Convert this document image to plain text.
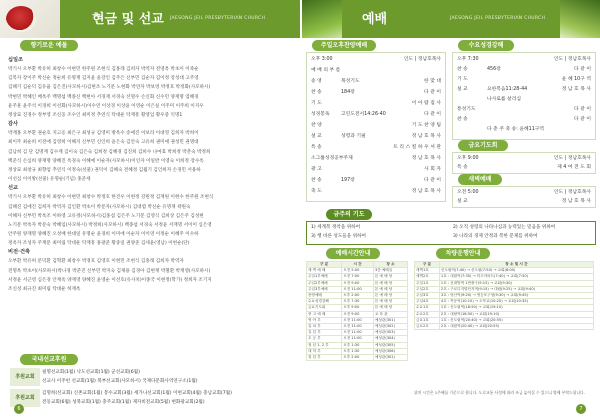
현금 및 선교 JAESONG JEIL PRESBYTERIAN CHURCH
향기로운 예물
십일조
박기시 오부환 박유허 최창수 이현민 한주원 조현식 김홍래 김희자 박역자 전영옥 박초이 이죽순
김복자 장이주 박신순 정순희 유명재 김지윤 윤강인 김주은 신부민 김순자 김이정 강성대 고주영
김혜기 김순덕 김유율 김은진(사모하시)김현조 노기문 노현화 박연자 박보영 박정호 박정화(사모하시)
박현민 박혜인 배옥주 백명섭 백종신 백현아 서경재 서경숙 선명수 손신화 신수민 양재명 염혜경
윤주훈 윤주석 이경희 이선화(사모하시)이수연 이상경 이상윤 이영순 이은실 이주미 이주희 이지우
정상묘 진경수 정부영 조신웅 조수인 최미정 추연식 탁대운 탁재흥 황영임 황우중 익명1
감사
박재홍 오부환 권순호 지고옹 최은구 최성규 김영미 방옥수 송애진 이보라 이대영 김희자 박희이
최이주 최순희 이전애 김영희 이혜지 신부민 신인희 윤은숙 김안숙 고유희 권미애 권성민 권명대
김남희 김 단 김명재 김수재 김이숙 김은숙 김희정 김혜경 김진희 김희수 나마효 박희정 박춘숙 박정희
백준식 손심희 양재명 양혜진 옥경숙 이혜예 이순자(사모하시)이인자 이일반 이영숙 이희정 장수옥
정상묘 최창규 최향업 추연식 이정숙(선물) 권덕이 김혜숙 전혜정 김월기 김인희자 손경민 서용하
이선심 이이방(선물) 유명순(기념) 홍준세
선교
박기시 오부환 박유허 최창수 이현민 최창수 박정호 한진우 이현정 강원정 김재원 이현수 한주원 조현식
김혜진 김애진 김희자 박역자 김인환 박초이 박문자(사모하시) 김대엽 박신순 유명재 곽원숙
이혜자 신부민 박옥조 이하영 고유정(사모하시)김홍섭 김은주 노기문 김영식 김희상 김은주 김성현
노기문 박옥자 박문숙 박혜임(사모하시) 박정희(사모하시) 백종섭 서경숙 서정윤 서재명 서이이 심은영
안주원 양재명 양혜진 오성배 한대일 유명순 윤경희 이미애 이순자 이이영 이정순 이혜주 이수하
정옥자 조성자 주재문 최미림 탁대운 탁재흥 홍광준 황중일 권양준 김세윤(영남) 이현순(단)
비전·건축
오부환 박유허 문덕환 김혁환 최창수 박경호 김영호 이현민 조현식 김홍래 김희자 박역자
전명옥 박초이(사모하시)박나경 박준진 신부민 박지숙 김제용 김경아 김현재 박철환 박재영(사모하시)
서정윤 서근영 심은경 안재옥 양재영 양혜진 윤영순 이선호(유사치)이종국 이현정(학가) 정희자 조기지
조신성 최규진 최미림 탁대운 허재옥
국내선교후원
후원교회
필명선교회(1월) 낙도선교회(1월) 군선교회(6월)
선교사 이주헌 선교회(1월) 북부선교회(사모하시) 국제다문화사역연구소(1월)
후원교회
김명희(선교회) 신촌교회(1월) 봉수교회(3월) 세가나선교회(1월) 이현교회(4월) 충남교회(7월)
전동교회(6월) 성북교회(1월) 충주교회(1월) 제자비전교회(5월) 현화광교회(2월)
6
예배	JAESONG JEIL PRESBYTERIAN CHURCH
주일오후찬양예배
오후 3:00	인도 | 정남호목사
예 배 의 부 름
송 영	목성기도	한 맞 대
찬 송	184장	다 같 이
기 도	이 아 람 집 사
성경봉독 고린도전서14:26-40	다 같 이
찬 양	기 도 찬 양 팀
설 교	성령과 기필	정 남 호 목 사
특 송	트 리 스 킬 하 우 셔 관
소그룹성경공부주제	정 남 호 목 사
광 고	사 회 자
찬 송	197장	다 같 이
축 도	정 남 호 목 사
수요성경강해
오후 7:30	인도 | 정남호목사
찬 송	456장	다 같 이
기 도	윤 혜 10구 역
설 교	요한복음11:28-44	정 남 호 목 사
나사로를 살리심
통성기도	다 같 이
찬 송	다 같 이
다 춘 주 축 송: 윤혜11구역
금요기도회
오후 9:00	인도 | 정남호목사
특 송	제 4 여 전 도 회
새벽예배
오전 5:00	인도 | 정남호목사
설 교	정 남 호 목 사
금주의 기도
1) 세계복 정착을 위하여	2) 오직 성령의 나타나심과 능력있는 믿음을 위하여
3) 행 바른 성도들을 위하여	3) 나라의 경제 안정과 복한 문제를 위하여
예배시간안내
구 분	시 간	장 소
새 벽 예 배	오전 5:00	3층 예배실
주일1부예배	오전 7:00	본 예 배 당
주일2부예배	오전 9:00	본 예 배 당
주일3부예배	오전 11:00	본 예 배 당
찬양예배	오후 2:00	본 예 배 당
수요성경강해	오후 7:30	본 예 배 당
금요기도회	오후 9:00	본 예 배 당
중 고 예 배	오전 9:00	교 육 관
영 아 부	오전 11:00	예성관(301)
유 치 부	오전 11:00	예성관(302)
유 년 부	오전 11:00	예성관(303)
초 등 부	오전 11:00	예성관(304)
청 년 1, 2 부	오후 1:30	예성관(305)
대 학 부	오후 1:30	예성관(306)
청 년 부	오후 2:00	예성관(301)
차량운행안내
구 분	장 소 및 시 간
새벽1호	신도림역(7:40) → 신도림(7:50) → 교회(8:00)
새벽2호	1호 : 대림역(7:35) → 미도아파트(7:40) → 교회(7:50)
주일1호	1호 : 신대방역 1번출구(9:15) → 교회(9:30)
주일2호	2호 : 구로디지털단지역(9:15) → 대림(9:25) → 교회(9:40)
주일3호	3호 : 당산역(9:20) → 영등포구청(9:30) → 교회(9:45)
주일4호	4호 : 목동역(10:10) → 오목교(10:20) → 교회(10:35)
수요1호	1호 : 신도림역(18:50) → 교회(19:10)
수요2호	2호 : 대림역(18:50) → 교회(19:10)
금요1호	1호 : 신도림역(20:40) → 교회(20:55)
금요2호	2호 : 대림역(20:40) → 교회(20:55)
위치 시간은 1주째를 기준으로 합니다. 도로교통 사정에 따라 조금 늦어질 수 있으니 양해 부탁드립니다.
7
